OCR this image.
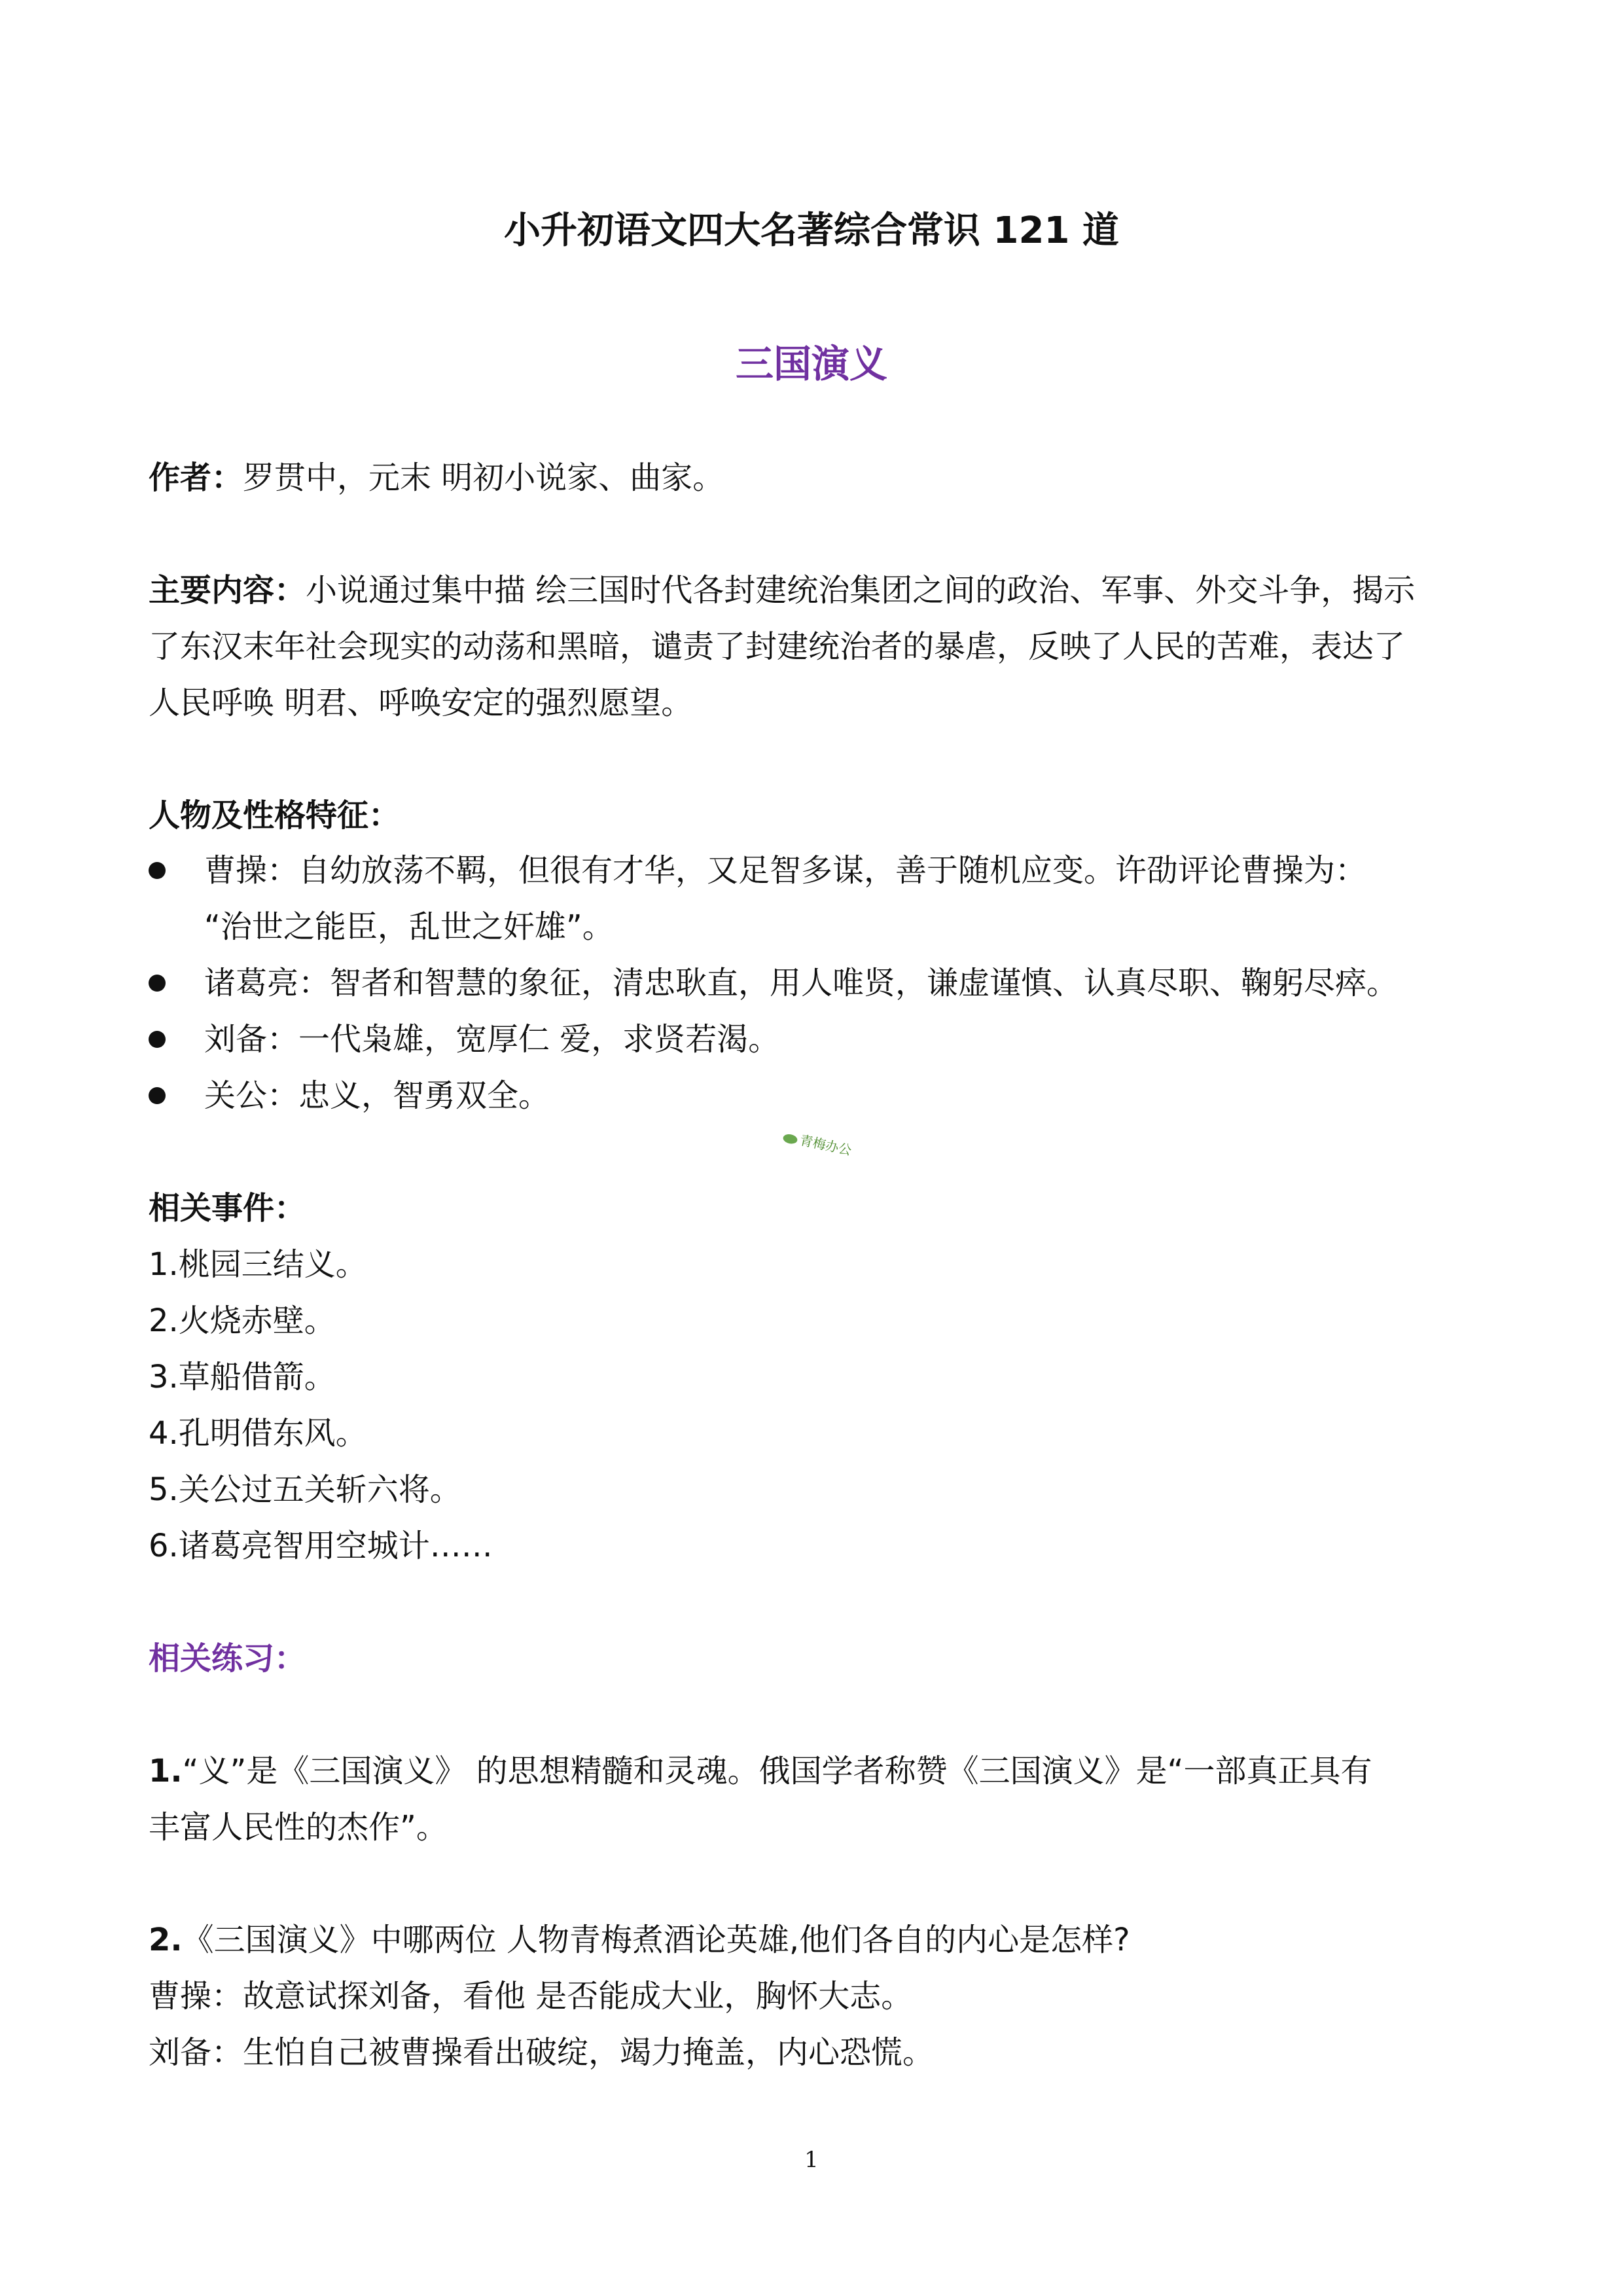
小升初语文四大名著综合常识 121 道
三国演义
作者：罗贯中，元末 明初小说家、曲家。
主要内容：小说通过集中描 绘三国时代各封建统治集团之间的政治、军事、外交斗争，揭示
了东汉末年社会现实的动荡和黑暗，谴责了封建统治者的暴虐，反映了人民的苦难，表达了
人民呼唤 明君、呼唤安定的强烈愿望。
人物及性格特征：
曹操：自幼放荡不羁，但很有才华，又足智多谋，善于随机应变。许劭评论曹操为：
“治世之能臣，乱世之奸雄”。
诸葛亮：智者和智慧的象征，清忠耿直，用人唯贤，谦虚谨慎、认真尽职、鞠躬尽瘁。
刘备：一代枭雄，宽厚仁 爱，求贤若渴。
关公：忠义，智勇双全。
青梅办公
相关事件：
1.桃园三结义。
2.火烧赤壁。
3.草船借箭。
4.孔明借东风。
5.关公过五关斩六将。
6.诸葛亮智用空城计……
相关练习：
1.“义”是《三国演义》 的思想精髓和灵魂。俄国学者称赞《三国演义》是“一部真正具有
丰富人民性的杰作”。
2.《三国演义》中哪两位 人物青梅煮酒论英雄,他们各自的内心是怎样?
曹操：故意试探刘备，看他 是否能成大业，胸怀大志。
刘备：生怕自己被曹操看出破绽，竭力掩盖，内心恐慌。
1
